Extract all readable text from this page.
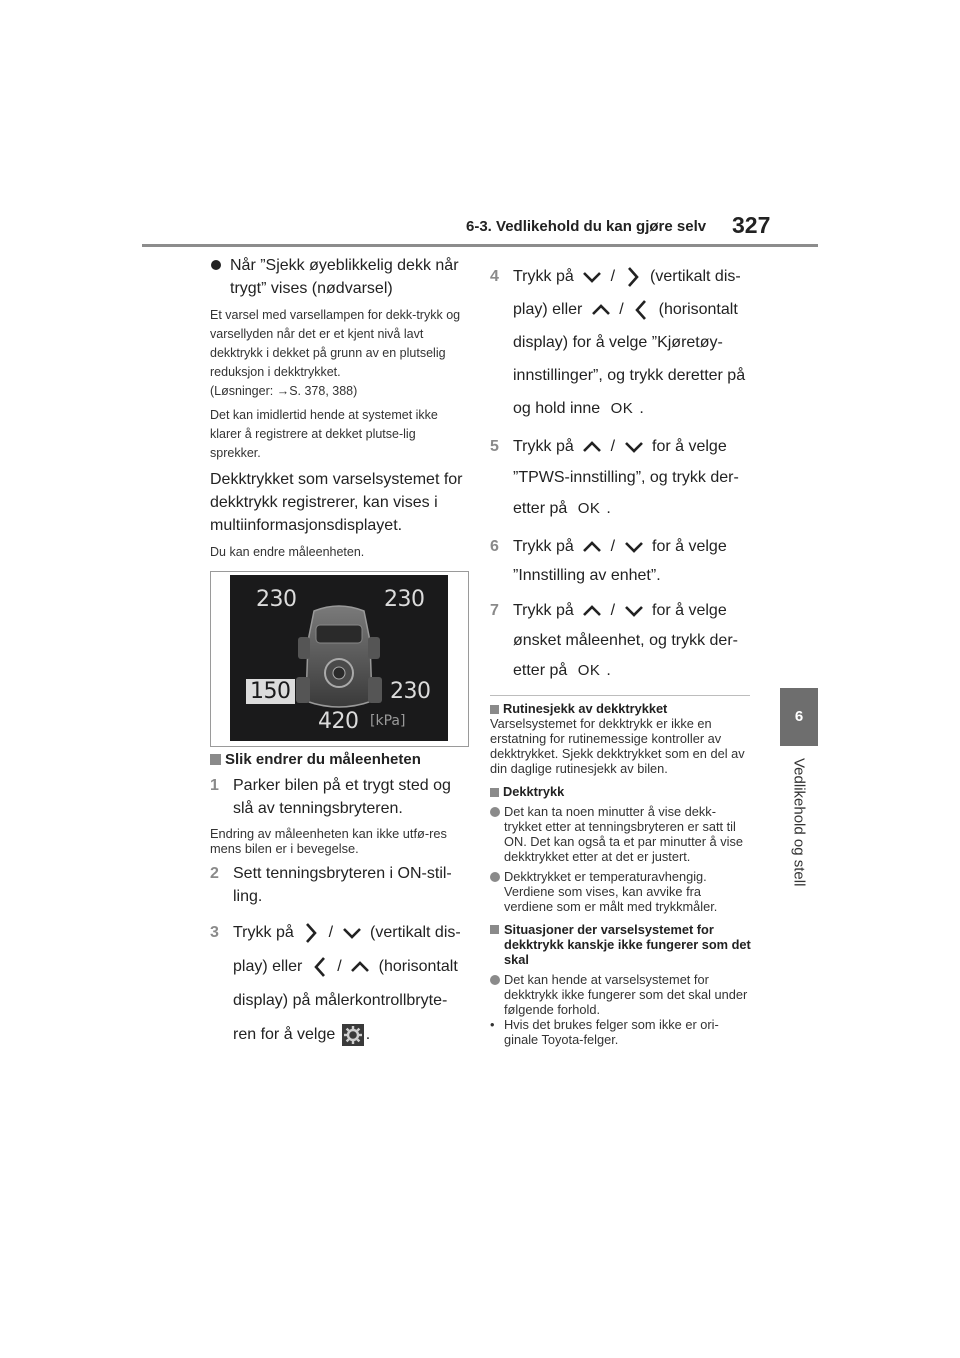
6-3. Vedlikehold du kan gjøre selv 327
6
Vedlikehold og stell
Når ”Sjekk øyeblikkelig dekk når trygt” vises (nødvarsel)
Et varsel med varsellampen for dekk-trykk og varsellyden når det er et kjent nivå lavt dekktrykk i dekket på grunn av en plutselig reduksjon i dekktrykket.
(Løsninger: →S. 378, 388)
Det kan imidlertid hende at systemet ikke klarer å registrere at dekket plutse-lig sprekker.
Dekktrykket som varselsystemet for dekktrykk registrerer, kan vises i multiinformasjonsdisplayet.
Du kan endre måleenheten.
230	230
150	230
420 [kPa]
Slik endrer du måleenheten
1 Parker bilen på et trygt sted og slå av tenningsbryteren.
Endring av måleenheten kan ikke utfø-res mens bilen er i bevegelse.
2 Sett tenningsbryteren i ON-stil-ling.
3 Trykk på / (vertikalt dis-play) eller / (horisontalt display) på målerkontrollbryte-ren for å velge .
4 Trykk på / (vertikalt dis-play) eller / (horisontalt display) for å velge ”Kjøretøy-innstillinger”, og trykk deretter på og hold inne OK .
5 Trykk på / for å velge ”TPWS-innstilling”, og trykk der-etter på OK .
6 Trykk på / for å velge ”Innstilling av enhet”.
7 Trykk på / for å velge ønsket måleenhet, og trykk der-etter på OK .
Rutinesjekk av dekktrykket
Varselsystemet for dekktrykk er ikke en erstatning for rutinemessige kontroller av dekktrykket. Sjekk dekktrykket som en del av din daglige rutinesjekk av bilen.
Dekktrykk
Det kan ta noen minutter å vise dekk-trykket etter at tenningsbryteren er satt til ON. Det kan også ta et par minutter å vise dekktrykket etter at det er justert.
Dekktrykket er temperaturavhengig. Verdiene som vises, kan avvike fra verdiene som er målt med trykkmåler.
Situasjoner der varselsystemet for dekktrykk kanskje ikke fungerer som det skal
Det kan hende at varselsystemet for dekktrykk ikke fungerer som det skal under følgende forhold.
• Hvis det brukes felger som ikke er ori-ginale Toyota-felger.
